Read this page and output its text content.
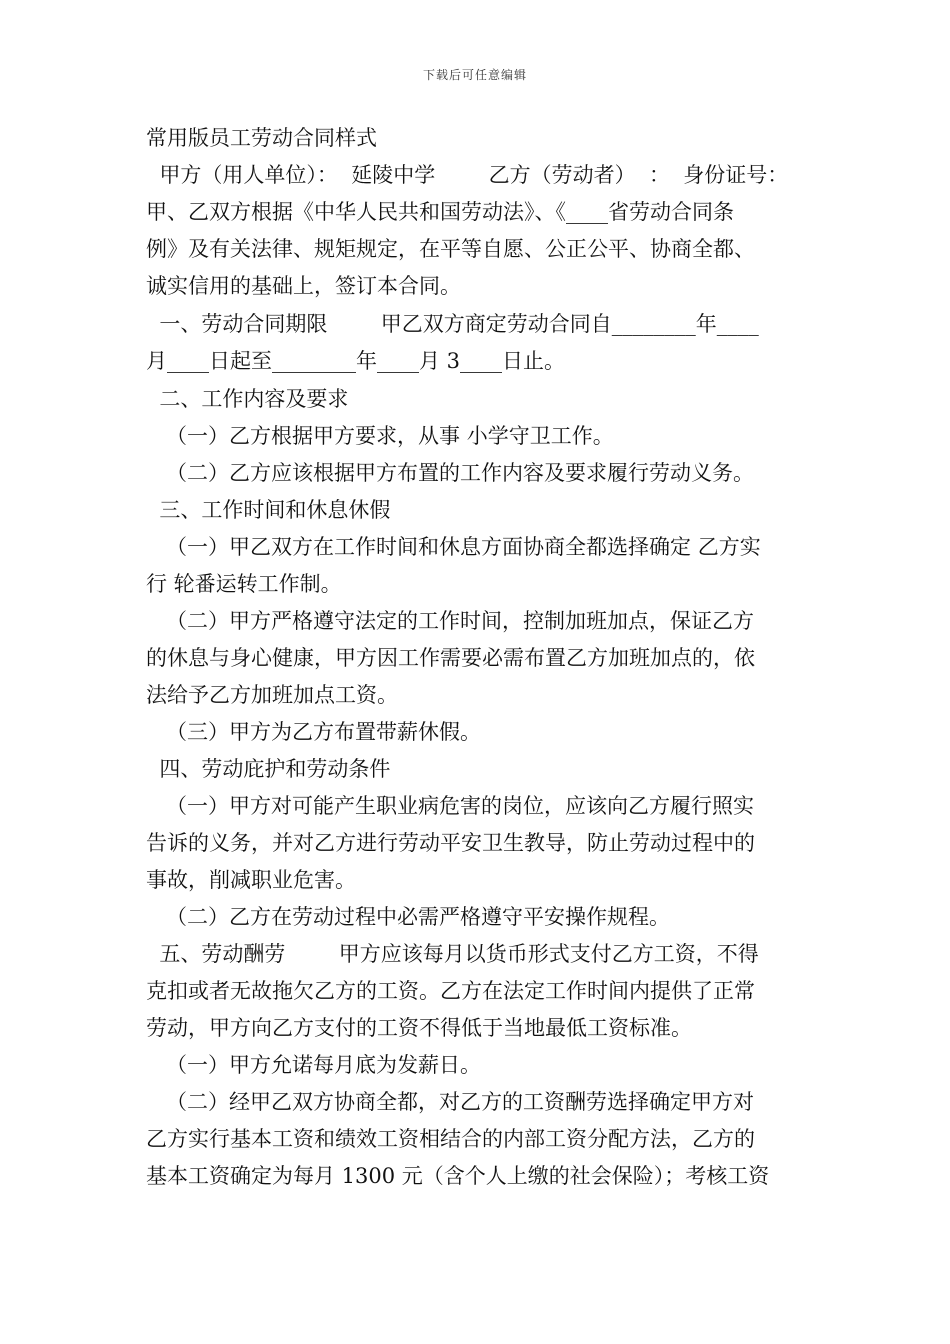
下载后可任意编辑
常用版员工劳动合同样式
甲方（用人单位）：  延陵中学        乙方（劳动者）  ：  身份证号：
甲、乙双方根据《中华人民共和国劳动法》、《____省劳动合同条
例》及有关法律、规矩规定，在平等自愿、公正公平、协商全都、
诚实信用的基础上，签订本合同。
一、劳动合同期限        甲乙双方商定劳动合同自________年____
月____日起至________年____月 3____日止。
二、工作内容及要求
（一）乙方根据甲方要求，从事 小学守卫工作。
（二）乙方应该根据甲方布置的工作内容及要求履行劳动义务。
三、工作时间和休息休假
（一）甲乙双方在工作时间和休息方面协商全都选择确定 乙方实
行 轮番运转工作制。
（二）甲方严格遵守法定的工作时间，控制加班加点，保证乙方
的休息与身心健康，甲方因工作需要必需布置乙方加班加点的，依
法给予乙方加班加点工资。
（三）甲方为乙方布置带薪休假。
四、劳动庇护和劳动条件
（一）甲方对可能产生职业病危害的岗位，应该向乙方履行照实
告诉的义务，并对乙方进行劳动平安卫生教导，防止劳动过程中的
事故，削减职业危害。
（二）乙方在劳动过程中必需严格遵守平安操作规程。
五、劳动酬劳        甲方应该每月以货币形式支付乙方工资，不得
克扣或者无故拖欠乙方的工资。乙方在法定工作时间内提供了正常
劳动，甲方向乙方支付的工资不得低于当地最低工资标准。
（一）甲方允诺每月底为发薪日。
（二）经甲乙双方协商全都，对乙方的工资酬劳选择确定甲方对
乙方实行基本工资和绩效工资相结合的内部工资分配方法，乙方的
基本工资确定为每月 1300 元（含个人上缴的社会保险）；考核工资
